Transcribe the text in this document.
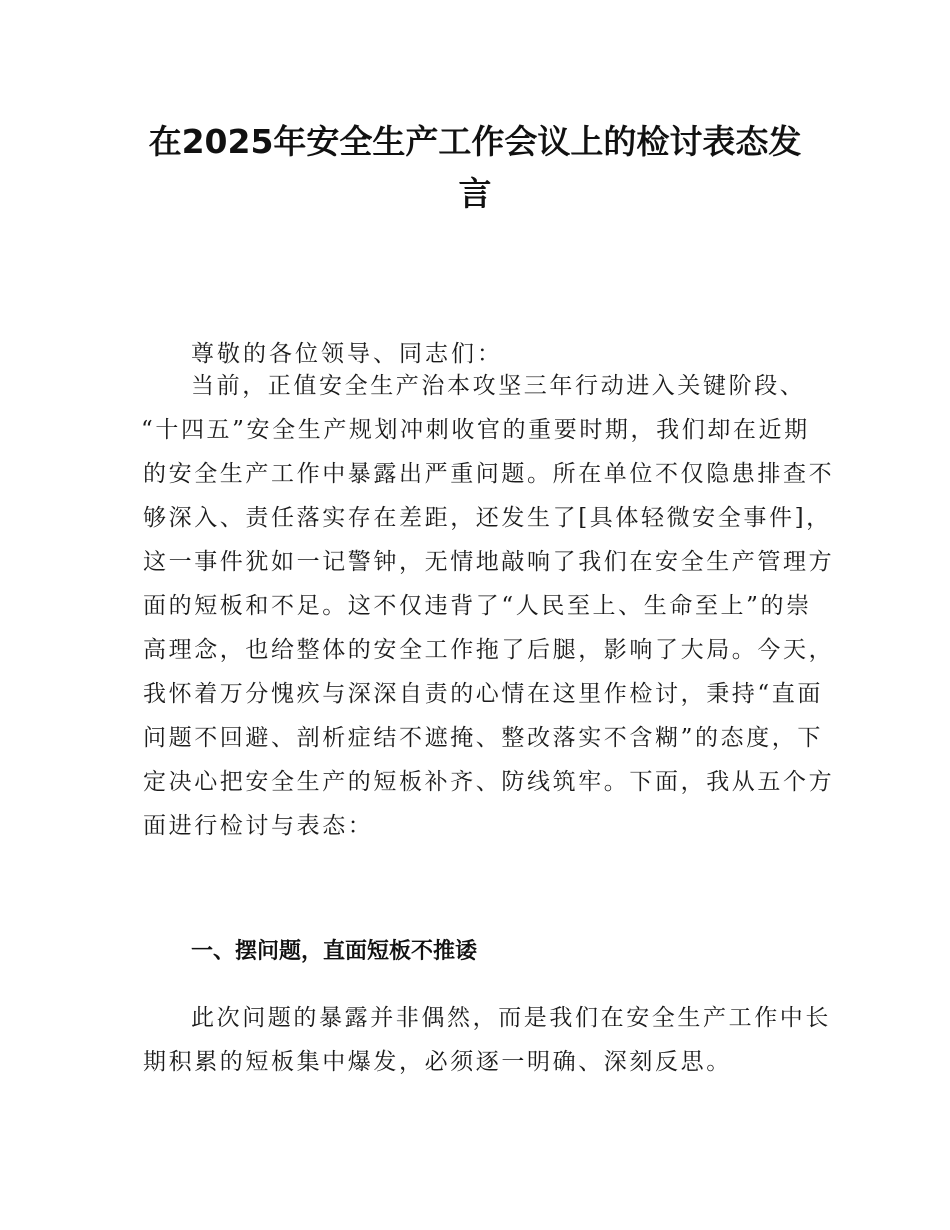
在2025年安全生产工作会议上的检讨表态发
言
尊敬的各位领导、同志们：
当前，正值安全生产治本攻坚三年行动进入关键阶段、
“十四五”安全生产规划冲刺收官的重要时期，我们却在近期
的安全生产工作中暴露出严重问题。所在单位不仅隐患排查不
够深入、责任落实存在差距，还发生了[具体轻微安全事件]，
这一事件犹如一记警钟，无情地敲响了我们在安全生产管理方
面的短板和不足。这不仅违背了“人民至上、生命至上”的崇
高理念，也给整体的安全工作拖了后腿，影响了大局。今天，
我怀着万分愧疚与深深自责的心情在这里作检讨，秉持“直面
问题不回避、剖析症结不遮掩、整改落实不含糊”的态度，下
定决心把安全生产的短板补齐、防线筑牢。下面，我从五个方
面进行检讨与表态：
一、摆问题，直面短板不推诿
此次问题的暴露并非偶然，而是我们在安全生产工作中长
期积累的短板集中爆发，必须逐一明确、深刻反思。
